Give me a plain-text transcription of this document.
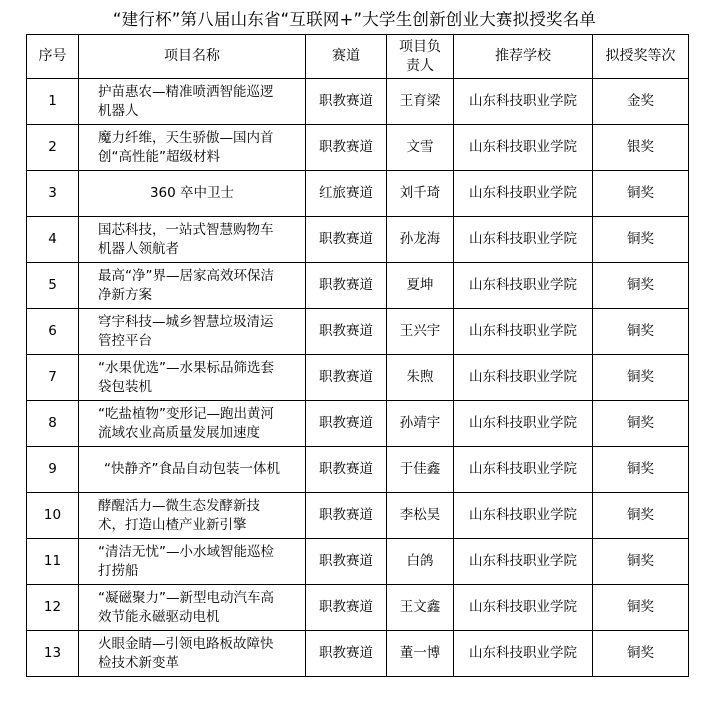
“建行杯”第八届山东省“互联网+”大学生创新创业大赛拟授奖名单
序号	项目名称	赛道	项目负责人	推荐学校	拟授奖等次
1	护苗惠农—精准喷洒智能巡逻机器人	职教赛道	王育梁	山东科技职业学院	金奖
2	魔力纤维，天生骄傲—国内首创“高性能”超级材料	职教赛道	文雪	山东科技职业学院	银奖
3	360 卒中卫士	红旅赛道	刘千琦	山东科技职业学院	铜奖
4	国芯科技，一站式智慧购物车机器人领航者	职教赛道	孙龙海	山东科技职业学院	铜奖
5	最高“净”界—居家高效环保洁净新方案	职教赛道	夏坤	山东科技职业学院	铜奖
6	穹宇科技—城乡智慧垃圾清运管控平台	职教赛道	王兴宇	山东科技职业学院	铜奖
7	“水果优选”—水果标品筛选套袋包装机	职教赛道	朱煦	山东科技职业学院	铜奖
8	“吃盐植物”变形记—跑出黄河流域农业高质量发展加速度	职教赛道	孙靖宇	山东科技职业学院	铜奖
9	“快静齐”食品自动包装一体机	职教赛道	于佳鑫	山东科技职业学院	铜奖
10	酵醒活力—微生态发酵新技术，打造山楂产业新引擎	职教赛道	李松昊	山东科技职业学院	铜奖
11	“清洁无忧”—小水域智能巡检打捞船	职教赛道	白鸽	山东科技职业学院	铜奖
12	“凝磁聚力”—新型电动汽车高效节能永磁驱动电机	职教赛道	王文鑫	山东科技职业学院	铜奖
13	火眼金睛—引领电路板故障快检技术新变革	职教赛道	董一博	山东科技职业学院	铜奖
